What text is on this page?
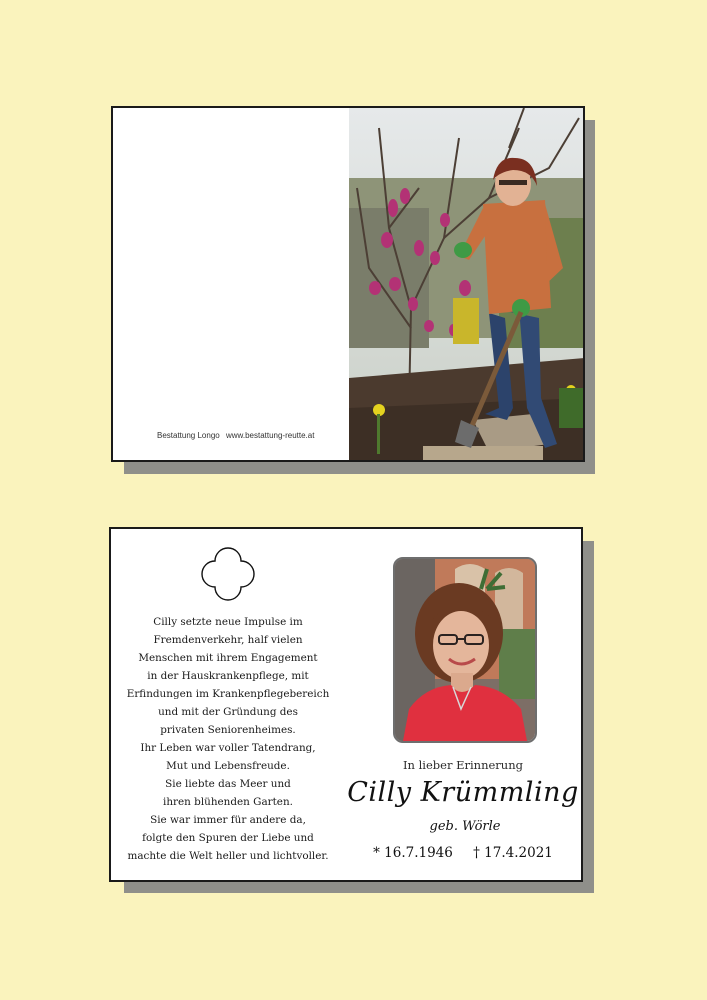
Bestattung Longo www.bestattung-reutte.at
Cilly setzte neue Impulse im
Fremdenverkehr, half vielen
Menschen mit ihrem Engagement
in der Hauskrankenpflege, mit
Erfindungen im Krankenpflegebereich
und mit der Gründung des
privaten Seniorenheimes.
Ihr Leben war voller Tatendrang,
Mut und Lebensfreude.
Sie liebte das Meer und
ihren blühenden Garten.
Sie war immer für andere da,
folgte den Spuren der Liebe und
machte die Welt heller und lichtvoller.
In lieber Erinnerung
Cilly Krümmling
geb. Wörle
* 16.7.1946 † 17.4.2021
